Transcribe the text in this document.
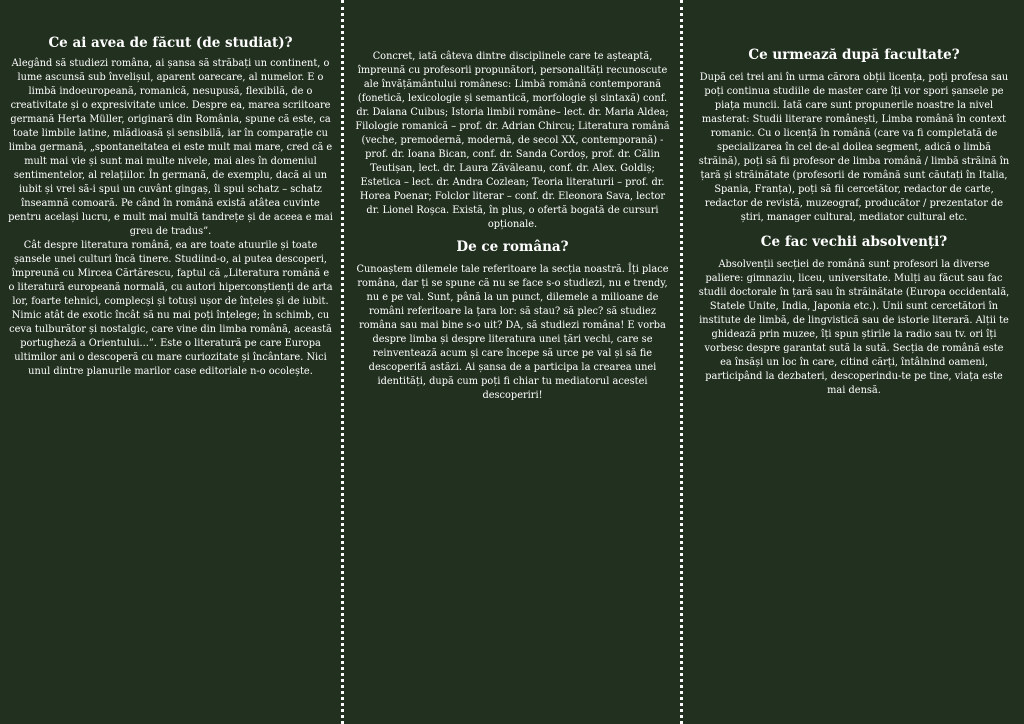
Ce ai avea de făcut (de studiat)?

Alegând să studiezi româna, ai șansa să străbați un continent, o lume ascunsă sub învelișul, aparent oarecare, al numelor. E o limbă indoeuropeană, romanică, nesupusă, flexibilă, de o creativitate și o expresivitate unice. Despre ea, marea scriitoare germană Herta Müller, originară din România, spune că este, ca toate limbile latine, mlădioasă și sensibilă, iar în comparație cu limba germană, „spontaneitatea ei este mult mai mare, cred că e mult mai vie și sunt mai multe nivele, mai ales în domeniul sentimentelor, al relațiilor. În germană, de exemplu, dacă ai un iubit și vrei să-i spui un cuvânt gingaș, îi spui schatz – schatz înseamnă comoară. Pe când în română există atâtea cuvinte pentru același lucru, e mult mai multă tandrețe și de aceea e mai greu de tradus”.

Cât despre literatura română, ea are toate atuurile și toate șansele unei culturi încă tinere. Studiind-o, ai putea descoperi, împreună cu Mircea Cărtărescu, faptul că „Literatura română e o literatură europeană normală, cu autori hiperconștienți de arta lor, foarte tehnici, complecși și totuși ușor de înțeles și de iubit. Nimic atât de exotic încât să nu mai poți înțelege; în schimb, cu ceva tulburător și nostalgic, care vine din limba română, această portugheză a Orientului...”. Este o literatură pe care Europa ultimilor ani o descoperă cu mare curiozitate și încântare. Nici unul dintre planurile marilor case editoriale n-o ocolește.

Concret, iată câteva dintre disciplinele care te așteaptă, împreună cu profesorii propunători, personalități recunoscute ale învățământului românesc: Limbă română contemporană (fonetică, lexicologie și semantică, morfologie și sintaxă) conf. dr. Daiana Cuibus; Istoria limbii române– lect. dr. Maria Aldea; Filologie romanică – prof. dr. Adrian Chircu; Literatura română (veche, premodernă, modernă, de secol XX, contemporană) - prof. dr. Ioana Bican, conf. dr. Sanda Cordoș, prof. dr. Călin Teutișan, lect. dr. Laura Zăvăleanu, conf. dr. Alex. Goldiș; Estetica – lect. dr. Andra Cozlean; Teoria literaturii – prof. dr. Horea Poenar; Folclor literar – conf. dr. Eleonora Sava, lector dr. Lionel Roșca. Există, în plus, o ofertă bogată de cursuri opționale.

De ce româna?

Cunoaștem dilemele tale referitoare la secția noastră. Îți place româna, dar ți se spune că nu se face s-o studiezi, nu e trendy, nu e pe val. Sunt, până la un punct, dilemele a milioane de români referitoare la țara lor: să stau? să plec? să studiez româna sau mai bine s-o uit? DA, să studiezi româna! E vorba despre limba și despre literatura unei țări vechi, care se reinventează acum și care începe să urce pe val și să fie descoperită astăzi. Ai șansa de a participa la crearea unei identități, după cum poți fi chiar tu mediatorul acestei descoperiri!

Ce urmează după facultate?

După cei trei ani în urma cărora obții licența, poți profesa sau poți continua studiile de master care îți vor spori șansele pe piața muncii. Iată care sunt propunerile noastre la nivel masterat: Studii literare românești, Limba română în context romanic. Cu o licență în română (care va fi completată de specializarea în cel de-al doilea segment, adică o limbă străină), poți să fii profesor de limba română / limbă străină în țară și străinătate (profesorii de română sunt căutați în Italia, Spania, Franța), poți să fii cercetător, redactor de carte, redactor de revistă, muzeograf, producător / prezentator de știri, manager cultural, mediator cultural etc.

Ce fac vechii absolvenți?

Absolvenții secției de română sunt profesori la diverse paliere: gimnaziu, liceu, universitate. Mulți au făcut sau fac studii doctorale în țară sau în străinătate (Europa occidentală, Statele Unite, India, Japonia etc.). Unii sunt cercetători în institute de limbă, de lingvistică sau de istorie literară. Alții te ghidează prin muzee, îți spun știrile la radio sau tv. ori îți vorbesc despre garantat sută la sută. Secția de română este ea însăși un loc în care, citind cărți, întâlnind oameni, participând la dezbateri, descoperindu-te pe tine, viața este mai densă.
